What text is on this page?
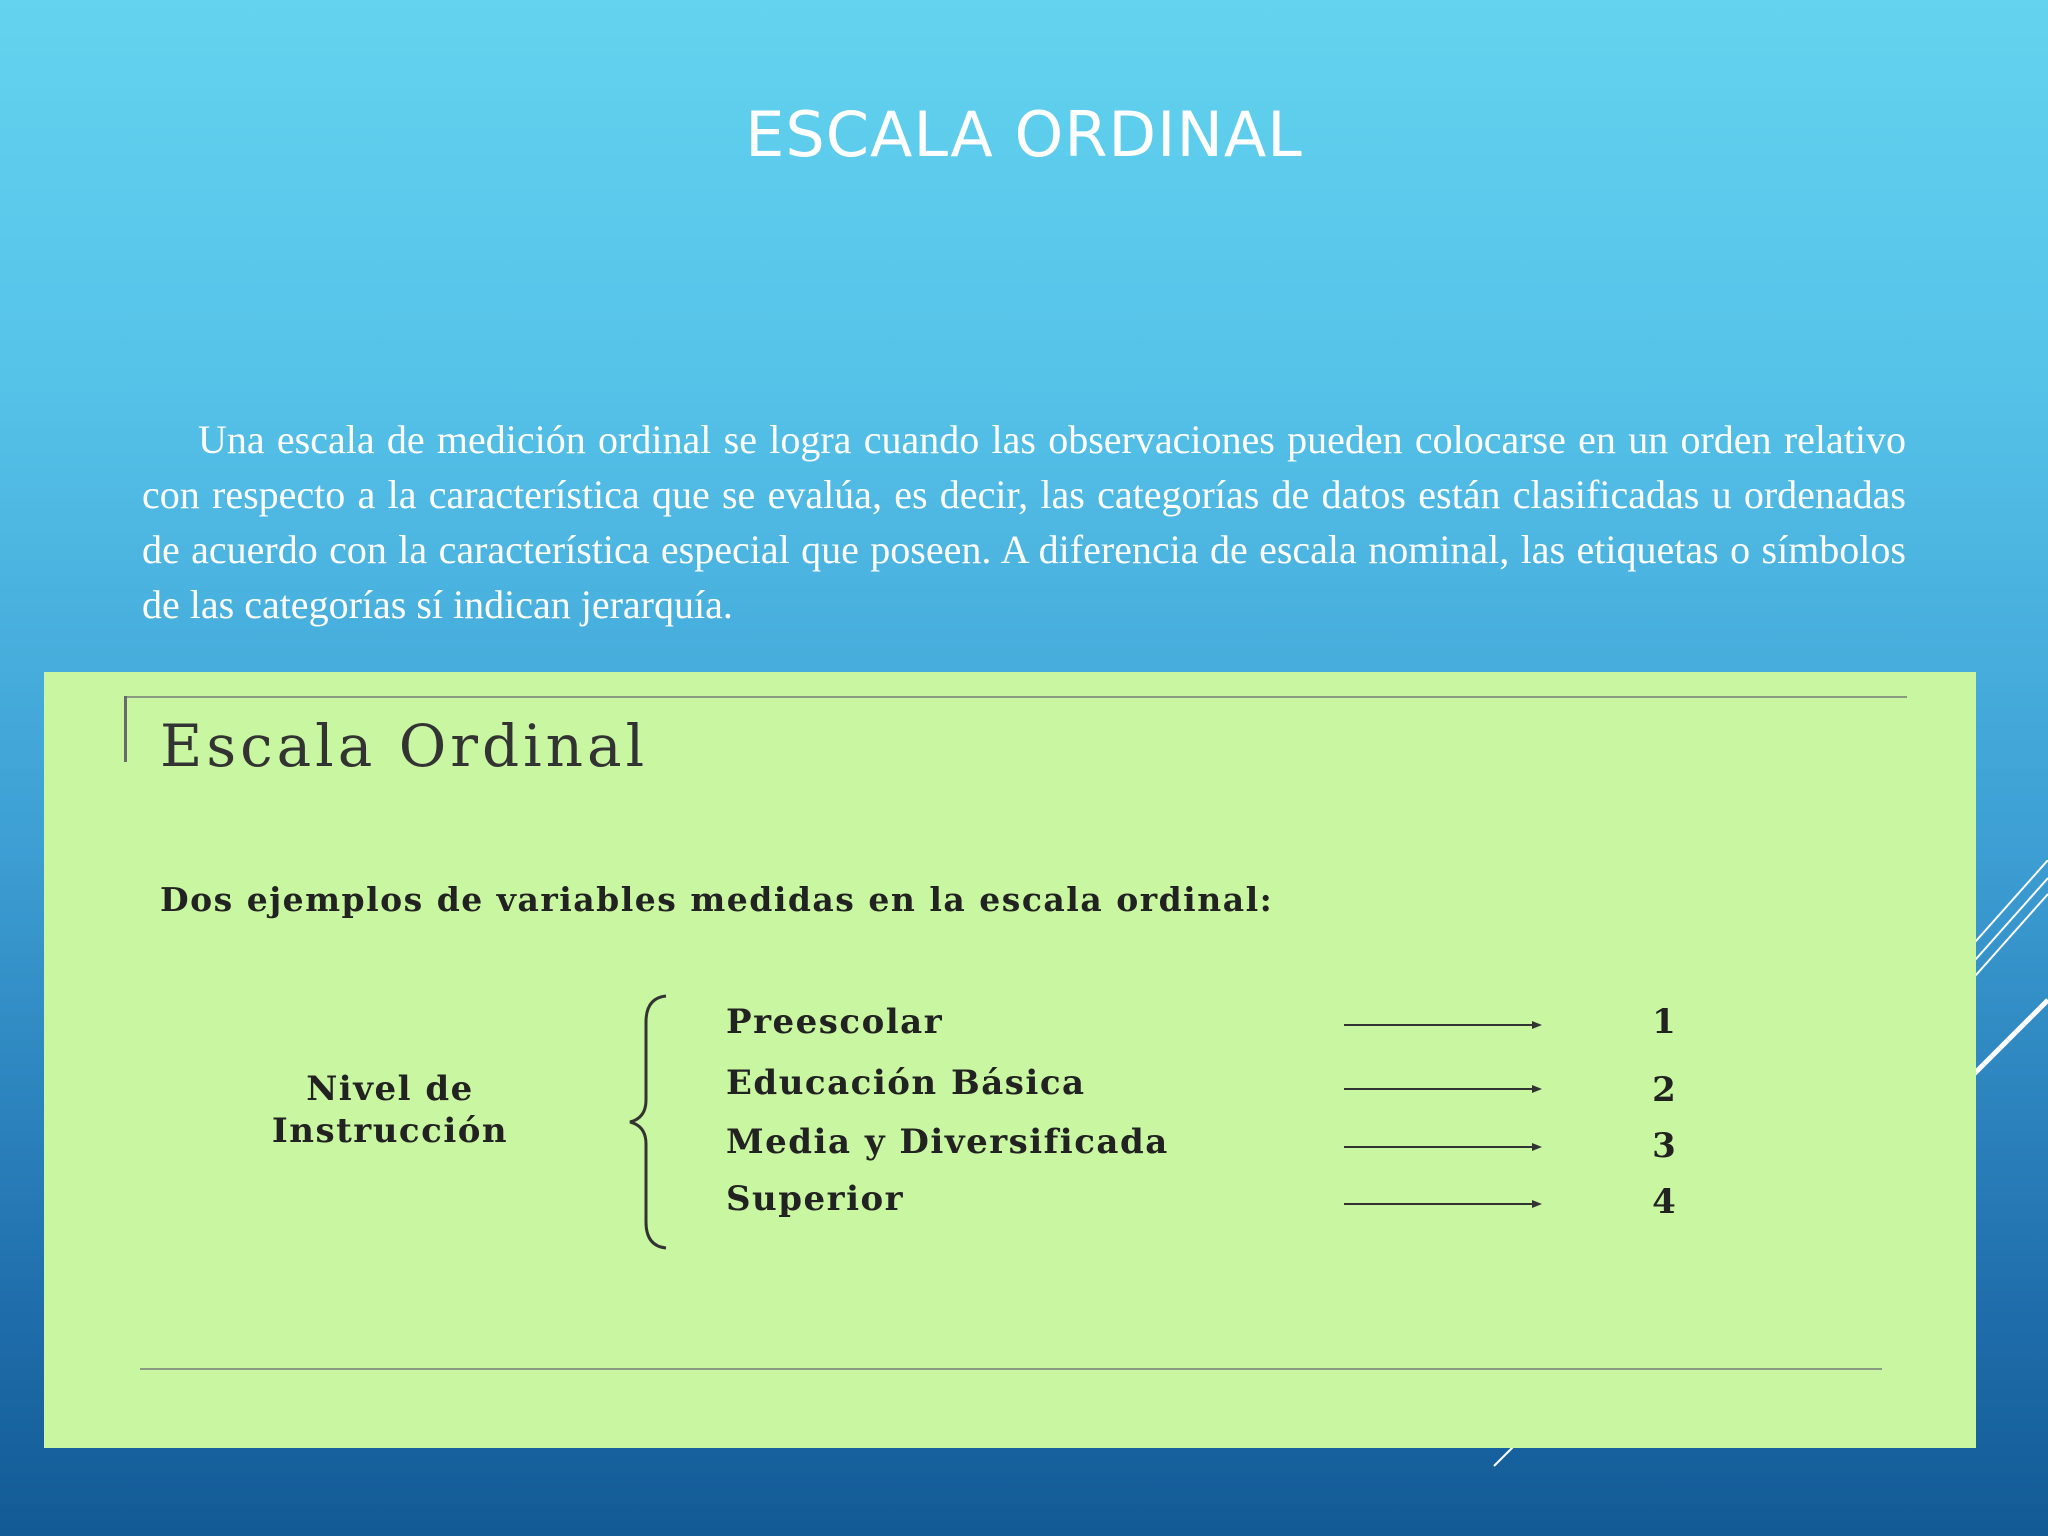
ESCALA ORDINAL

Una escala de medición ordinal se logra cuando las observaciones pueden colocarse en un orden relativo con respecto a la característica que se evalúa, es decir, las categorías de datos están clasificadas u ordenadas de acuerdo con la característica especial que poseen. A diferencia de escala nominal, las etiquetas o símbolos de las categorías sí indican jerarquía.

Escala Ordinal
Dos ejemplos de variables medidas en la escala ordinal:
Nivel de
Instrucción
Preescolar
Educación Básica
Media y Diversificada
Superior
1
2
3
4
